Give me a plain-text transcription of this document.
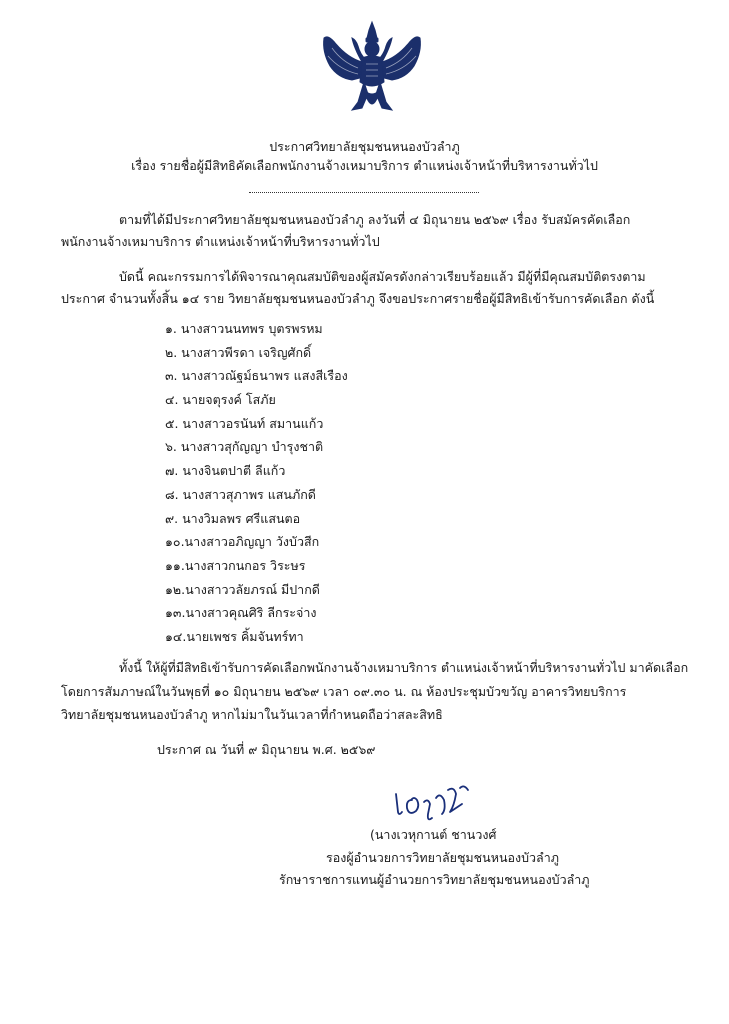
ประกาศวิทยาลัยชุมชนหนองบัวลำภู
เรื่อง รายชื่อผู้มีสิทธิคัดเลือกพนักงานจ้างเหมาบริการ ตำแหน่งเจ้าหน้าที่บริหารงานทั่วไป
ตามที่ได้มีประกาศวิทยาลัยชุมชนหนองบัวลำภู ลงวันที่ ๔ มิถุนายน ๒๕๖๙ เรื่อง รับสมัครคัดเลือก
พนักงานจ้างเหมาบริการ ตำแหน่งเจ้าหน้าที่บริหารงานทั่วไป
บัดนี้ คณะกรรมการได้พิจารณาคุณสมบัติของผู้สมัครดังกล่าวเรียบร้อยแล้ว มีผู้ที่มีคุณสมบัติตรงตาม
ประกาศ จำนวนทั้งสิ้น ๑๔ ราย วิทยาลัยชุมชนหนองบัวลำภู จึงขอประกาศรายชื่อผู้มีสิทธิเข้ารับการคัดเลือก ดังนี้
๑. นางสาวนนทพร บุตรพรหม
๒. นางสาวพีรดา เจริญศักดิ์
๓. นางสาวณัฐม์ธนาพร แสงสีเรือง
๔. นายจตุรงค์ โสภัย
๕. นางสาวอรนันท์ สมานแก้ว
๖. นางสาวสุกัญญา บำรุงชาติ
๗. นางจินตปาตี ลีแก้ว
๘. นางสาวสุภาพร แสนภักดี
๙. นางวิมลพร ศรีแสนตอ
๑๐.นางสาวอภิญญา วังบัวสีก
๑๑.นางสาวกนกอร วิระษร
๑๒.นางสาววลัยภรณ์ มีปากดี
๑๓.นางสาวคุณศิริ ลีกระจ่าง
๑๔.นายเพชร คิ้มจันทร์ทา
ทั้งนี้ ให้ผู้ที่มีสิทธิเข้ารับการคัดเลือกพนักงานจ้างเหมาบริการ ตำแหน่งเจ้าหน้าที่บริหารงานทั่วไป มาคัดเลือก
โดยการสัมภาษณ์ในวันพุธที่ ๑๐ มิถุนายน ๒๕๖๙ เวลา ๐๙.๓๐ น. ณ ห้องประชุมบัวขวัญ อาคารวิทยบริการ
วิทยาลัยชุมชนหนองบัวลำภู หากไม่มาในวันเวลาที่กำหนดถือว่าสละสิทธิ
ประกาศ ณ วันที่ ๙ มิถุนายน พ.ศ. ๒๕๖๙
(นางเวหุกานต์ ชานวงศ์
รองผู้อำนวยการวิทยาลัยชุมชนหนองบัวลำภู
รักษาราชการแทนผู้อำนวยการวิทยาลัยชุมชนหนองบัวลำภู
